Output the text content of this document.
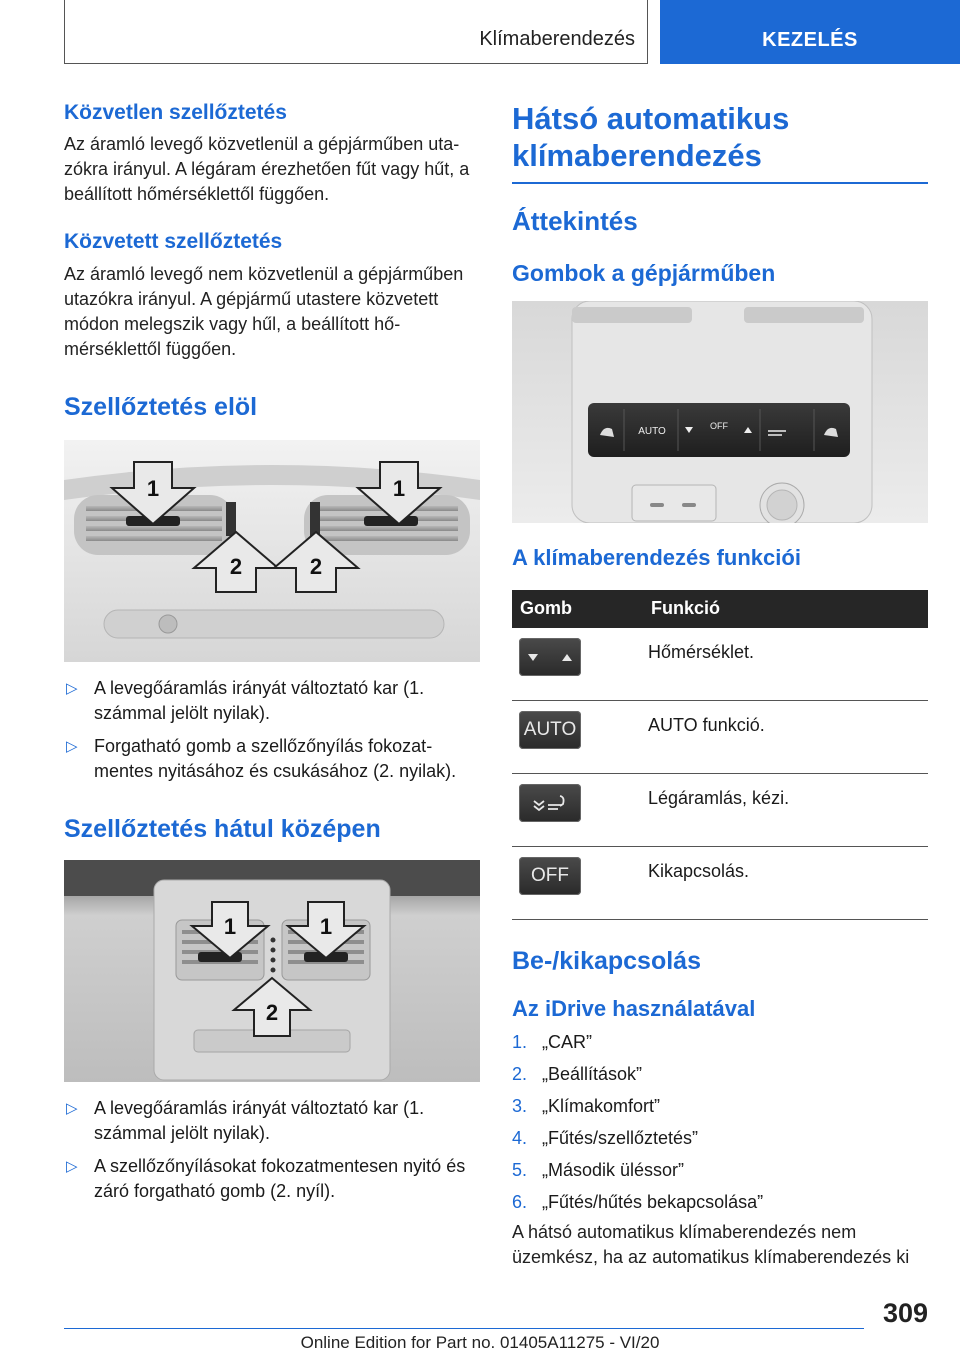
Klímaberendezés	KEZELÉS
Közvetlen szellőztetés

Az áramló levegő közvetlenül a gépjárműben utazókra irányul. A légáram érezhetően fűt vagy hűt, a beállított hőmérséklettől függően.

Közvetett szellőztetés

Az áramló levegő nem közvetlenül a gépjárműben utazókra irányul. A gépjármű utastere közvetett módon melegszik vagy hűl, a beállított hőmérséklettől függően.

Szellőztetés elöl
1	1
2	2
▷ A levegőáramlás irányát változtató kar (1. számmal jelölt nyilak).
▷ Forgatható gomb a szellőzőnyílás fokozatmentes nyitásához és csukásához (2. nyilak).
Szellőztetés hátul középen
1	1
2
▷ A levegőáramlás irányát változtató kar (1. számmal jelölt nyilak).
▷ A szellőzőnyílásokat fokozatmentesen nyitó és záró forgatható gomb (2. nyíl).
Hátsó automatikus
klímaberendezés
Áttekintés
Gombok a gépjárműben
AUTO	OFF
A klímaberendezés funkciói
Gomb	Funkció

	Hőmérséklet.

AUTO	AUTO funkció.

	Légáramlás, kézi.

OFF	Kikapcsolás.
Be-/kikapcsolás
Az iDrive használatával
1. „CAR”
2. „Beállítások”
3. „Klímakomfort”
4. „Fűtés/szellőztetés”
5. „Második üléssor”
6. „Fűtés/hűtés bekapcsolása”

A hátsó automatikus klímaberendezés nem üzemkész, ha az automatikus klímaberendezés ki

309
Online Edition for Part no. 01405A11275 - VI/20
